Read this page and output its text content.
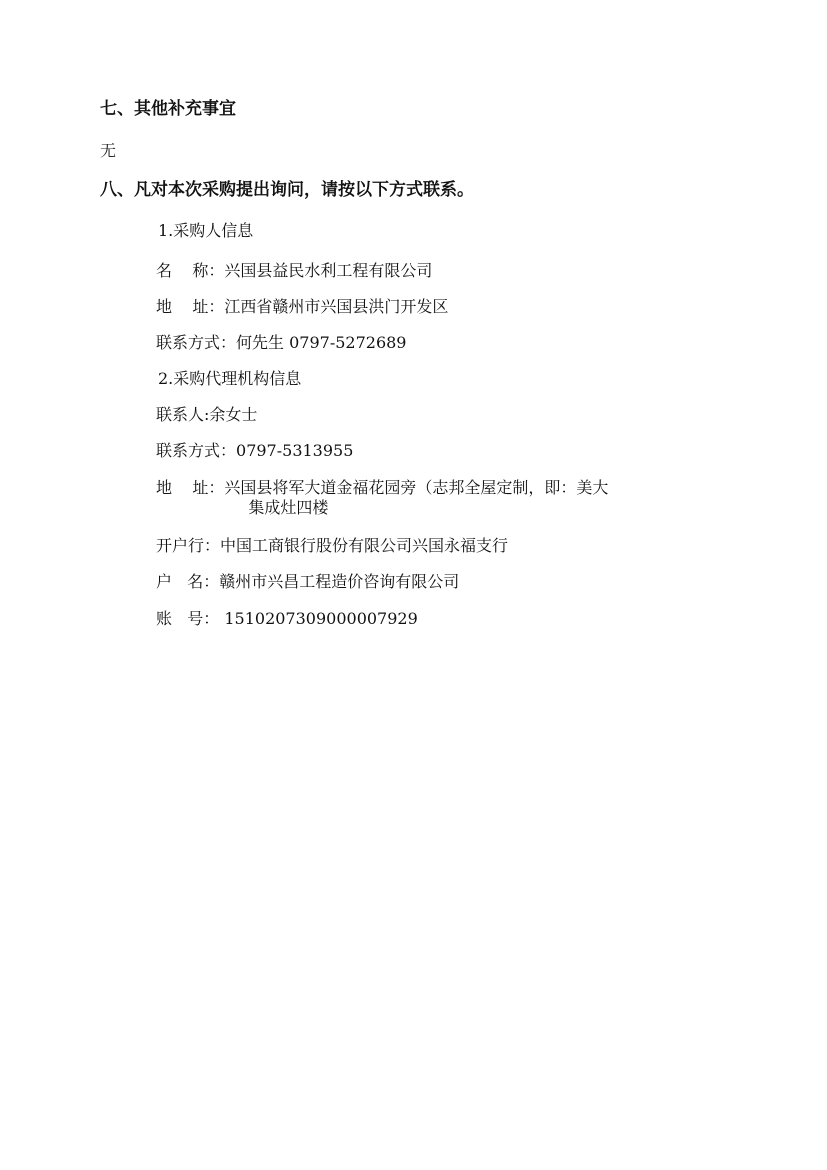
七、其他补充事宜
无
八、凡对本次采购提出询问，请按以下方式联系。
1.采购人信息
名    称： 兴国县益民水利工程有限公司
地    址： 江西省赣州市兴国县洪门开发区
联系方式： 何先生 0797-5272689
2.采购代理机构信息
联系人: 余女士
联系方式： 0797-5313955
地    址： 兴国县将军大道金福花园旁（志邦全屋定制，即：美大
集成灶四楼
开户行： 中国工商银行股份有限公司兴国永福支行
户   名： 赣州市兴昌工程造价咨询有限公司
账   号： 1510207309000007929
